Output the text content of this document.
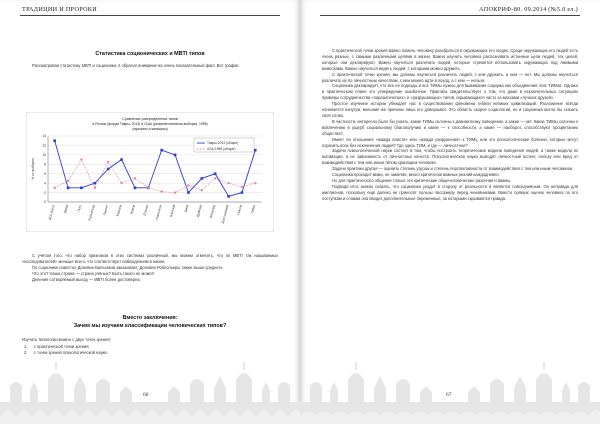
ТРАДИЦИИ И ПРОРОКИ
Статистика соционических и MBTI типов
Рассматривая статистику MBTI и соционики, я обратил внимание на очень показательный факт. Вот график:
Сравнение распределения типов
в России (форум Тавры, 2013) и США (репрезентативная выборка, 1998)
(мужчины и женщины)
0
2
4
6
8
10
12
14
% от выборки
Дон Кихот Дюма Гюго Робеспьер Гамлет Максим Жуков Есенин Наполеон Бальзак Джек Драйзер Штирлиц Достоевский Гексли Габен
Тавры-2013 (общие)
USA-1998 (общие)

С учётом того, что набор признаков в этих системах различный, мы можем отметить, что по MBTI так называемых «исследователей» меньше всего, что соответствует наблюдениям в жизни.

По соционике известно Доновин Бальзаков заказывает, Доновин Робеспьеры также выше среднего.

Что это? Наша страна — страна учёных? Быть такого не может!

Деление сотворяемый выход — MBTI более достоверна.

Вместо заключения:
Зачем мы изучаем классификации человеческих типов?

Изучать типологии можно с двух точек зрения:

1. с практической точки зрения;
2. с точки зрения психологической науки.
66
АПОКРИФ-80. 09.2014 (№5.0 ел.)

С практической точки зрения важно помочь человеку разобраться в окружающих его людях. Среди окружающих его людей есть очень разные, с самыми различными целями в жизни. Важно научить человека распознавать истинные цели людей, тех целей, которые они декларируют. Важно научиться различать людей, которые стремятся использовать окружающих под лживыми вывесками. Важно научиться видеть людей, с которыми можно дружить.

С практической точки зрения, мы должны научиться различать людей, с кем дружить, а кем — нет. Мы должны научиться различать их по личностным качествам, с кем можно идти в поход, а с кем — нельзя.

Соционика декларирует, что все ее подходы и все ТИМы нужны для выживания социума как объединения этих ТИМов. Однако в практическом плане это утверждение ошибочное. Практика свидетельствует о том, что даже в исключительных ситуациях примеры сотрудничества «паразитических» и «разрушающих» типов, скрывающихся часто за масками «лучших друзей».

Простое изучение истории убеждает нас в существовании феномена гибели великих цивилизаций. Разложение всегда начинается изнутри, внешние же причины лишь его довершают. Это область скорее социологии, но и соционика могла бы сказать своё слово.

В частности, интересно было бы узнать, какие ТИМы склонны к девиантному поведению, а какие — нет. Какие ТИМы склонны к вовлечению в ущерб социальному благополучию и какие — к способности, а какие — наоборот, способствуют процветанию общества?

Имеет ли отношение «жажда власти» или «жажда разрушения» к ТИМу, или это психологические болезни, которые могут поразить всех без исключения людей? Где здесь ТИМ, и где — личностное?

Задачи психологической науки состоят в том, чтобы построить теоретические модели поведения людей, а также модели их мотивации, а не зависимость от личностных качеств. Психологическая наука выводит личностный аспект, пользу или вред от взаимодействия с тем или иным типом хранящем человеке.

Задачи практики другая — оценить степень угрозы и степень перспективности от взаимодействия с тем или иным человеком.

Соционика проходит мимо, не замечая, много критически важных реалий каждодневно.

Но для практического общения только эти критические общечеловеческие различия и важны.

Подводя итог, можно сказать, что соционика уходит в сторону от реальности и является повседневным. Он неправда для миллионов, поскольку ещё далеко не приносят пользы пассажиру перед чиновниками. Вместо прямых оценок человека по его поступкам и словам она вводит дополнительные переменные, за которыми скрываются правда.

67
